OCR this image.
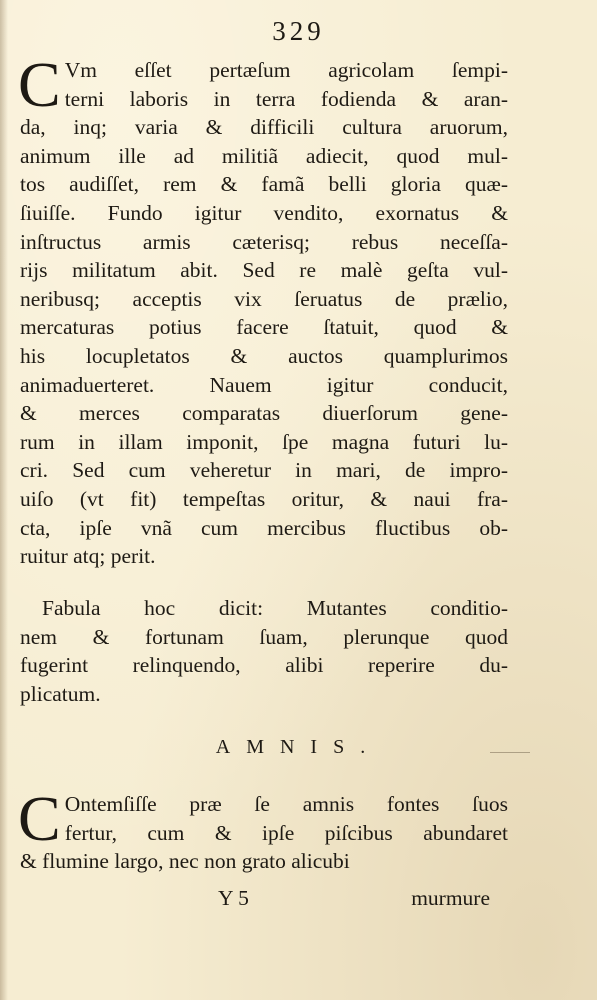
329
C Vm eſſet pertæſum agricolam ſempi-
terni laboris in terra fodienda & aran-
da, inq; varia & difficili cultura aruorum,
animum ille ad militiã adiecit, quod mul-
tos audiſſet, rem & famã belli gloria quæ-
ſiuiſſe. Fundo igitur vendito, exornatus &
inſtructus armis cæterisq; rebus neceſſa-
rijs militatum abit. Sed re malè geſta vul-
neribusq; acceptis vix ſeruatus de prælio,
mercaturas potius facere ſtatuit, quod &
his locupletatos & auctos quamplurimos
animaduerteret. Nauem igitur conducit,
& merces comparatas diuerſorum gene-
rum in illam imponit, ſpe magna futuri lu-
cri. Sed cum veheretur in mari, de impro-
uiſo (vt fit) tempeſtas oritur, & naui fra-
cta, ipſe vnã cum mercibus fluctibus ob-
ruitur atq; perit.
Fabula hoc dicit: Mutantes conditio-
nem & fortunam ſuam, plerunque quod
fugerint relinquendo, alibi reperire du-
plicatum.
AMNIS.
C Ontemſiſſe præ ſe amnis fontes ſuos
fertur, cum & ipſe piſcibus abundaret
& flumine largo, nec non grato alicubi
Y 5	murmure
